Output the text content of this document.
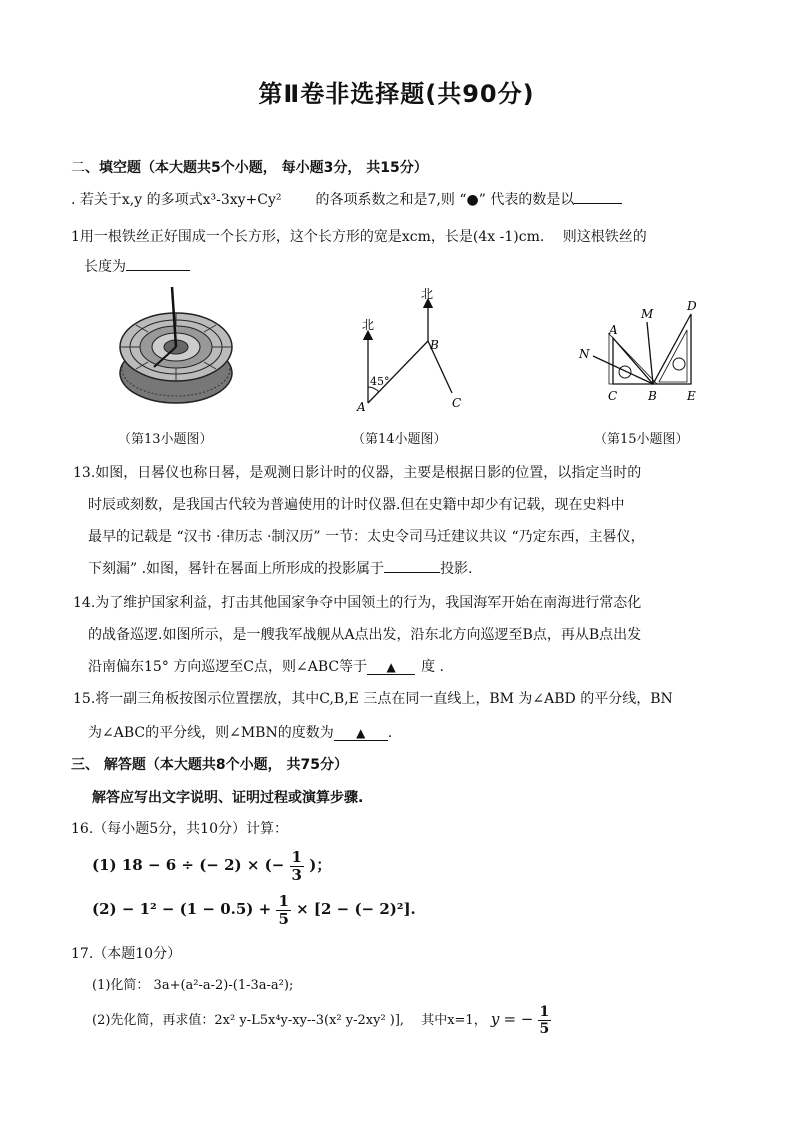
第Ⅱ卷非选择题(共90分)
二、填空题（本大题共5个小题， 每小题3分， 共15分）
. 若关于x,y 的多项式x³-3xy+Cy² 的各项系数之和是7,则 “●” 代表的数是以
1用一根铁丝正好围成一个长方形，这个长方形的宽是xcm，长是(4x -1)cm.　 则这根铁丝的
长度为
北
北
45°
A
B
C
A
M
D
N
C	B	E
（第13小题图）	（第14小题图）	（第15小题图）
13.如图，日晷仪也称日晷，是观测日影计时的仪器，主要是根据日影的位置，以指定当时的
时辰或刻数，是我国古代较为普遍使用的计时仪器.但在史籍中却少有记载，现在史料中
最早的记载是 “汉书 ·律历志 ·制汉历” 一节：太史令司马迁建议共议 “乃定东西，主晷仪，
下刻漏” .如图，晷针在晷面上所形成的投影属于	投影.
14.为了维护国家利益，打击其他国家争夺中国领土的行为，我国海军开始在南海进行常态化
的战备巡逻.如图所示，是一艘我军战舰从A点出发，沿东北方向巡逻至B点，再从B点出发
沿南偏东15° 方向巡逻至C点，则∠ABC等于 ▲ 度 .
15.将一副三角板按图示位置摆放，其中C,B,E 三点在同一直线上，BM 为∠ABD 的平分线，BN
为∠ABC的平分线，则∠MBN的度数为 ▲ .
三、 解答题（本大题共8个小题， 共75分）
解答应写出文字说明、证明过程或演算步骤.
16.（每小题5分，共10分）计算：
(1) 18 − 6 ÷ (− 2) × (− $\frac{1}{3}$ )；
$(2) - 1^2 - (1 - 0.5) + \frac{1}{5} \times [2$ − (− 2)²].
17.（本题10分）
(1)化简： 3a+(a²-a-2)-(1-3a-a²);
(2)先化简，再求值：2x² y-L5x⁴y-xy--3(x² y-2xy² )],　 其中x=1， y = − $\frac{1}{5}$
